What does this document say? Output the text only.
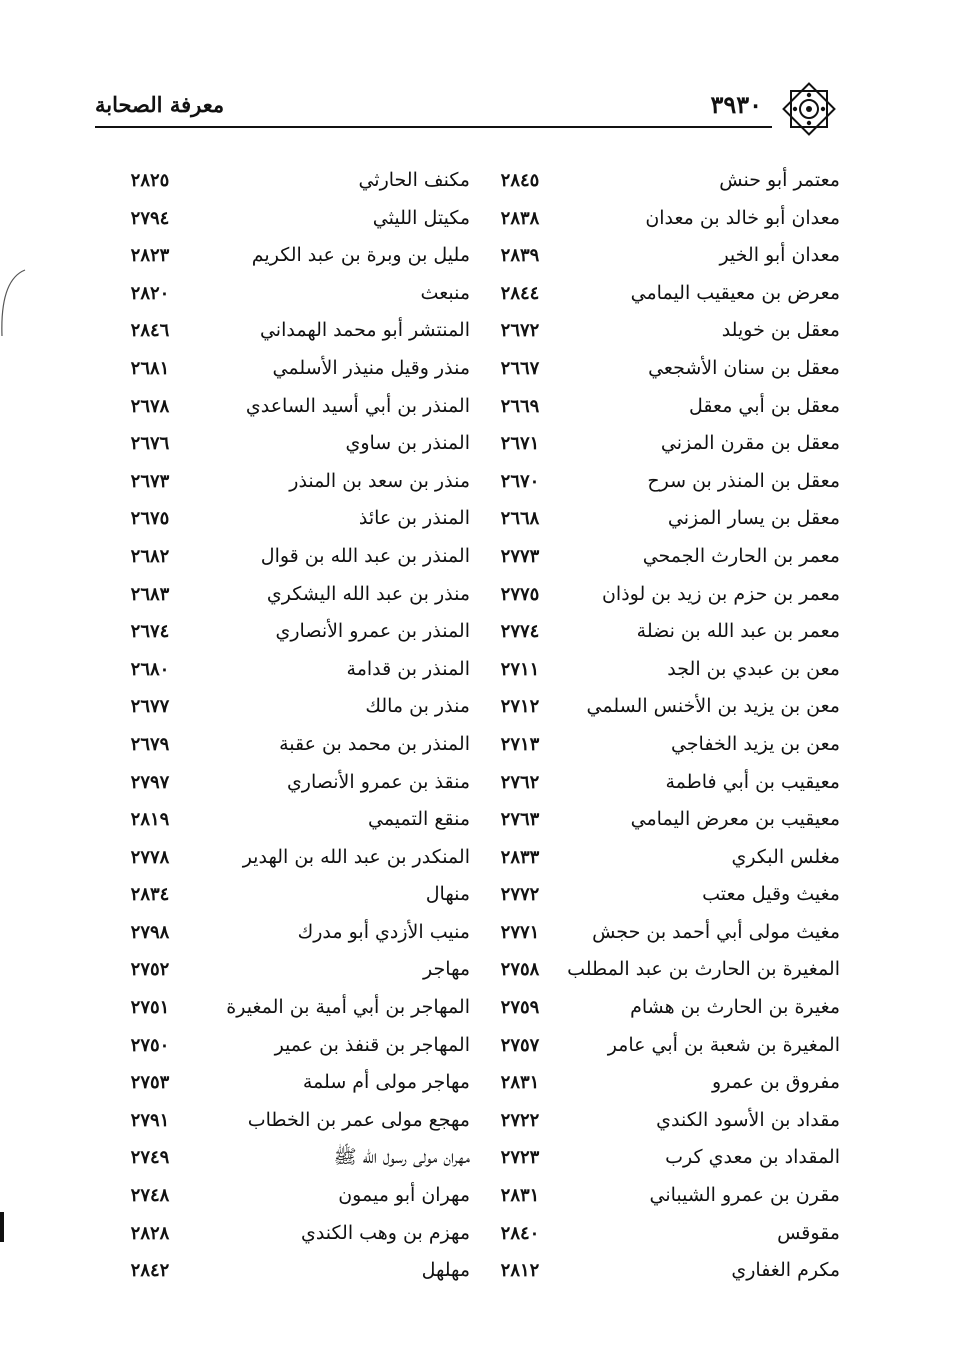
معرفة الصحابة	٣٩٣٠
معتمر أبو حنش
٢٨٤٥
مكنف الحارثي
٢٨٢٥
معدان أبو خالد بن معدان
٢٨٣٨
مكيتل الليثي
٢٧٩٤
معدان أبو الخير
٢٨٣٩
مليل بن وبرة بن عبد الكريم
٢٨٢٣
معرض بن معيقيب اليمامي
٢٨٤٤
منبعث
٢٨٢٠
معقل بن خويلد
٢٦٧٢
المنتشر أبو محمد الهمداني
٢٨٤٦
معقل بن سنان الأشجعي
٢٦٦٧
منذر وقيل منيذر الأسلمي
٢٦٨١
معقل بن أبي معقل
٢٦٦٩
المنذر بن أبي أسيد الساعدي
٢٦٧٨
معقل بن مقرن المزني
٢٦٧١
المنذر بن ساوي
٢٦٧٦
معقل بن المنذر بن سرح
٢٦٧٠
منذر بن سعد بن المنذر
٢٦٧٣
معقل بن يسار المزني
٢٦٦٨
المنذر بن عائذ
٢٦٧٥
معمر بن الحارث الجمحي
٢٧٧٣
المنذر بن عبد الله بن قوال
٢٦٨٢
معمر بن حزم بن زيد بن لوذان
٢٧٧٥
منذر بن عبد الله اليشكري
٢٦٨٣
معمر بن عبد الله بن نضلة
٢٧٧٤
المنذر بن عمرو الأنصاري
٢٦٧٤
معن بن عبدي بن الجد
٢٧١١
المنذر بن قدامة
٢٦٨٠
معن بن يزيد بن الأخنس السلمي
٢٧١٢
منذر بن مالك
٢٦٧٧
معن بن يزيد الخفاجي
٢٧١٣
المنذر بن محمد بن عقبة
٢٦٧٩
معيقيب بن أبي فاطمة
٢٧٦٢
منقذ بن عمرو الأنصاري
٢٧٩٧
معيقيب بن معرض اليمامي
٢٧٦٣
منقع التميمي
٢٨١٩
مغلس البكري
٢٨٣٣
المنكدر بن عبد الله بن الهدير
٢٧٧٨
مغيث وقيل معتب
٢٧٧٢
منهال
٢٨٣٤
مغيث مولى أبي أحمد بن حجش
٢٧٧١
منيب الأزدي أبو مدرك
٢٧٩٨
المغيرة بن الحارث بن عبد المطلب
٢٧٥٨
مهاجر
٢٧٥٢
مغيرة بن الحارث بن هشام
٢٧٥٩
المهاجر بن أبي أمية بن المغيرة
٢٧٥١
المغيرة بن شعبة بن أبي عامر
٢٧٥٧
المهاجر بن قنفذ بن عمير
٢٧٥٠
مفروق بن عمرو
٢٨٣١
مهاجر مولى أم سلمة
٢٧٥٣
مقداد بن الأسود الكندي
٢٧٢٢
مهجع مولى عمر بن الخطاب
٢٧٩١
المقداد بن معدي كرب
٢٧٢٣
مهران مولى رسول الله ﷺ
٢٧٤٩
مقرن بن عمرو الشيباني
٢٨٣١
مهران أبو ميمون
٢٧٤٨
مقوقس
٢٨٤٠
مهزم بن وهب الكندي
٢٨٢٨
مكرم الغفاري
٢٨١٢
مهلهل
٢٨٤٢
